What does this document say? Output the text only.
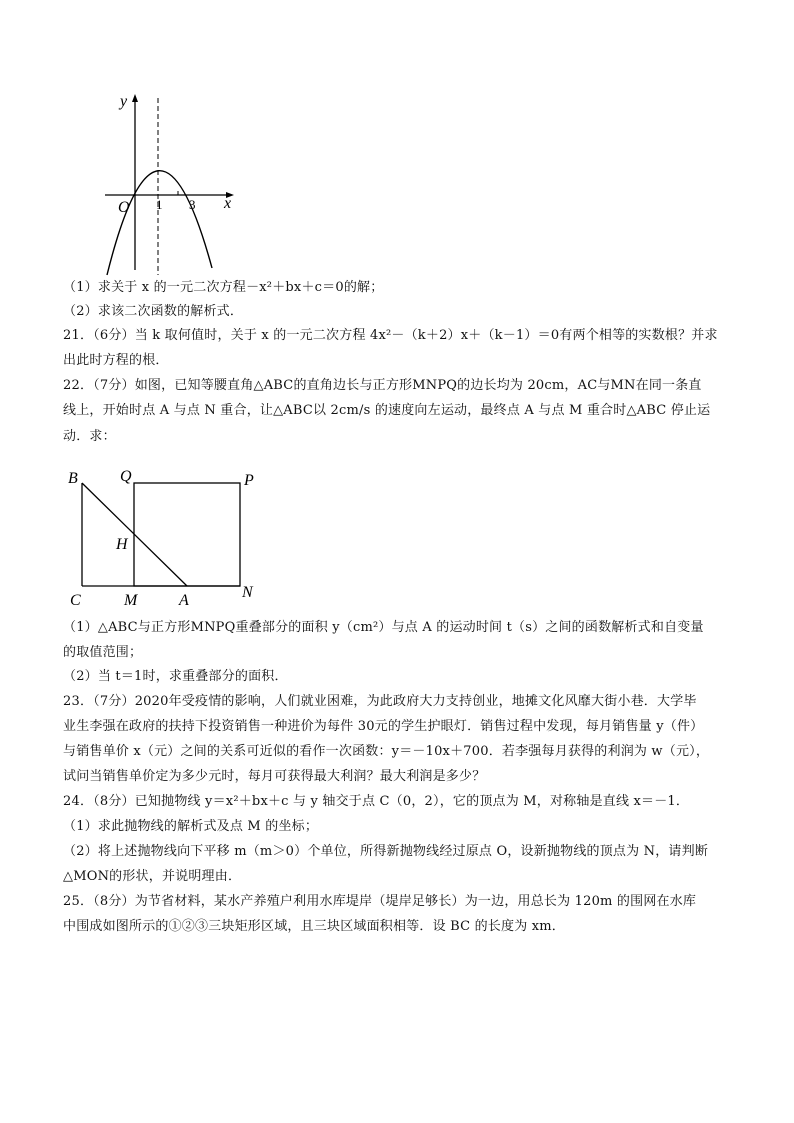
y
x
O 1 3
（1）求关于 x 的一元二次方程－x²＋bx＋c＝0的解；
（2）求该二次函数的解析式．
21．（6分）当 k 取何值时，关于 x 的一元二次方程 4x²－（k＋2）x＋（k－1）＝0有两个相等的实数根？并求
出此时方程的根．
22．（7分）如图，已知等腰直角△ABC的直角边长与正方形MNPQ的边长均为 20cm，AC与MN在同一条直
线上，开始时点 A 与点 N 重合，让△ABC以 2cm/s 的速度向左运动，最终点 A 与点 M 重合时△ABC 停止运
动．求：
B	Q	P
H
C	M	A	N
（1）△ABC与正方形MNPQ重叠部分的面积 y（cm²）与点 A 的运动时间 t（s）之间的函数解析式和自变量
的取值范围；
（2）当 t＝1时，求重叠部分的面积．
23．（7分）2020年受疫情的影响，人们就业困难，为此政府大力支持创业，地摊文化风靡大街小巷．大学毕
业生李强在政府的扶持下投资销售一种进价为每件 30元的学生护眼灯．销售过程中发现，每月销售量 y（件）
与销售单价 x（元）之间的关系可近似的看作一次函数：y＝－10x＋700．若李强每月获得的利润为 w（元），
试问当销售单价定为多少元时，每月可获得最大利润？最大利润是多少？
24．（8分）已知抛物线 y＝x²＋bx＋c 与 y 轴交于点 C（0，2），它的顶点为 M，对称轴是直线 x＝－1．
（1）求此抛物线的解析式及点 M 的坐标；
（2）将上述抛物线向下平移 m（m＞0）个单位，所得新抛物线经过原点 O，设新抛物线的顶点为 N，请判断
△MON的形状，并说明理由．
25．（8分）为节省材料，某水产养殖户利用水库堤岸（堤岸足够长）为一边，用总长为 120m 的围网在水库
中围成如图所示的①②③三块矩形区域，且三块区域面积相等．设 BC 的长度为 xm．
